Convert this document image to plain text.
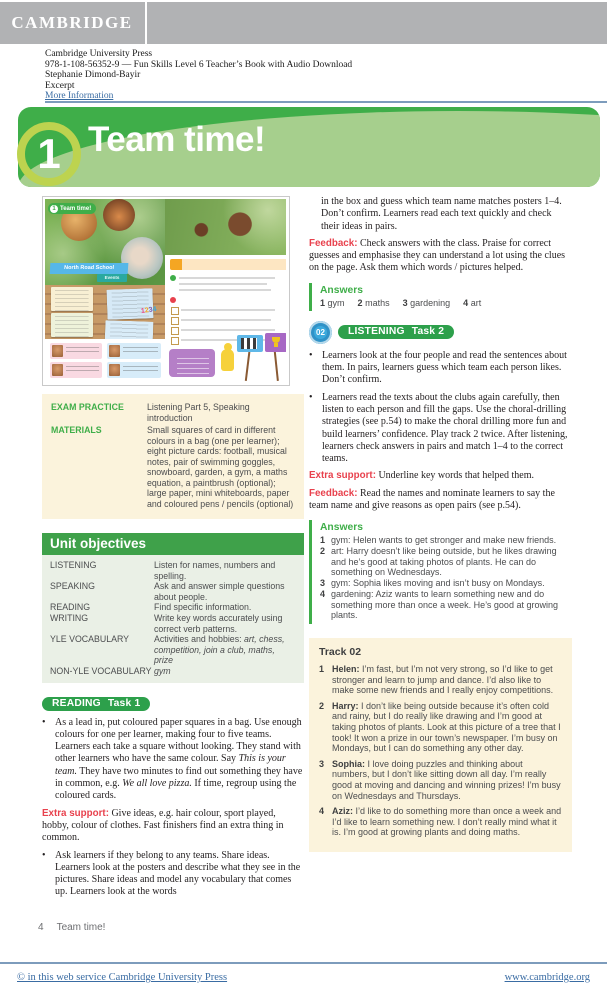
CAMBRIDGE
Cambridge University Press
978-1-108-56352-9 — Fun Skills Level 6 Teacher’s Book with Audio Download
Stephanie Dimond-Bayir
Excerpt
More Information
1 Team time!
1 Team time!
North Road School
Events
1234
EXAM PRACTICE	Listening Part 5, Speaking introduction
MATERIALS	Small squares of card in different colours in a bag (one per learner); eight picture cards: football, musical notes, pair of swimming goggles, snowboard, garden, a gym, a maths equation, a paintbrush (optional); large paper, mini whiteboards, paper and coloured pens / pencils (optional)
Unit objectives
LISTENING	Listen for names, numbers and spelling.
SPEAKING	Ask and answer simple questions about people.
READING	Find specific information.
WRITING	Write key words accurately using correct verb patterns.
YLE VOCABULARY	Activities and hobbies: art, chess, competition, join a club, maths, prize
NON-YLE VOCABULARY gym
READING Task 1
• As a lead in, put coloured paper squares in a bag. Use enough colours for one per learner, making four to five teams. Learners each take a square without looking. They stand with other learners who have the same colour. Say This is your team. They have two minutes to find out something they have in common, e.g. We all love pizza. If time, regroup using the coloured cards.

Extra support: Give ideas, e.g. hair colour, sport played, hobby, colour of clothes. Fast finishers find an extra thing in common.

• Ask learners if they belong to any teams. Share ideas. Learners look at the posters and describe what they see in the pictures. Share ideas and model any vocabulary that comes up. Learners look at the words

in the box and guess which team name matches posters 1–4. Don’t confirm. Learners read each text quickly and check their ideas in pairs.

Feedback: Check answers with the class. Praise for correct guesses and emphasise they can understand a lot using the clues on the page. Ask them which words / pictures helped.

Answers
1 gym 2 maths 3 gardening 4 art
02	LISTENING Task 2
• Learners look at the four people and read the sentences about them. In pairs, learners guess which team each person likes. Don’t confirm.

• Learners read the texts about the clubs again carefully, then listen to each person and fill the gaps. Use the choral-drilling strategies (see p.54) to make the choral drilling more fun and build learners’ confidence. Play track 2 twice. After listening, learners check answers in pairs and match 1–4 to the correct teams.

Extra support: Underline key words that helped them.

Feedback: Read the names and nominate learners to say the team name and give reasons as open pairs (see p.54).

Answers
1 gym: Helen wants to get stronger and make new friends.

2 art: Harry doesn’t like being outside, but he likes drawing and he’s good at taking photos of plants. He can do something on Wednesdays.

3 gym: Sophia likes moving and isn’t busy on Mondays.

4 gardening: Aziz wants to learn something new and do something more than once a week. He’s good at growing plants.

Track 02
1 Helen: I’m fast, but I’m not very strong, so I’d like to get stronger and learn to jump and dance. I’d also like to make some new friends and I really enjoy competitions.

2 Harry: I don’t like being outside because it’s often cold and rainy, but I do really like drawing and I’m good at taking photos of plants. Look at this picture of a tree that I took! It won a prize in our town’s newspaper. I’m busy on Mondays, but I can do something any other day.

3 Sophia: I love doing puzzles and thinking about numbers, but I don’t like sitting down all day. I’m really good at moving and dancing and winning prizes! I’m busy on Wednesdays and Thursdays.

4 Aziz: I’d like to do something more than once a week and I’d like to learn something new. I don’t really mind what it is. I’m good at growing plants and doing maths.

4 Team time!
© in this web service Cambridge University Press	www.cambridge.org
